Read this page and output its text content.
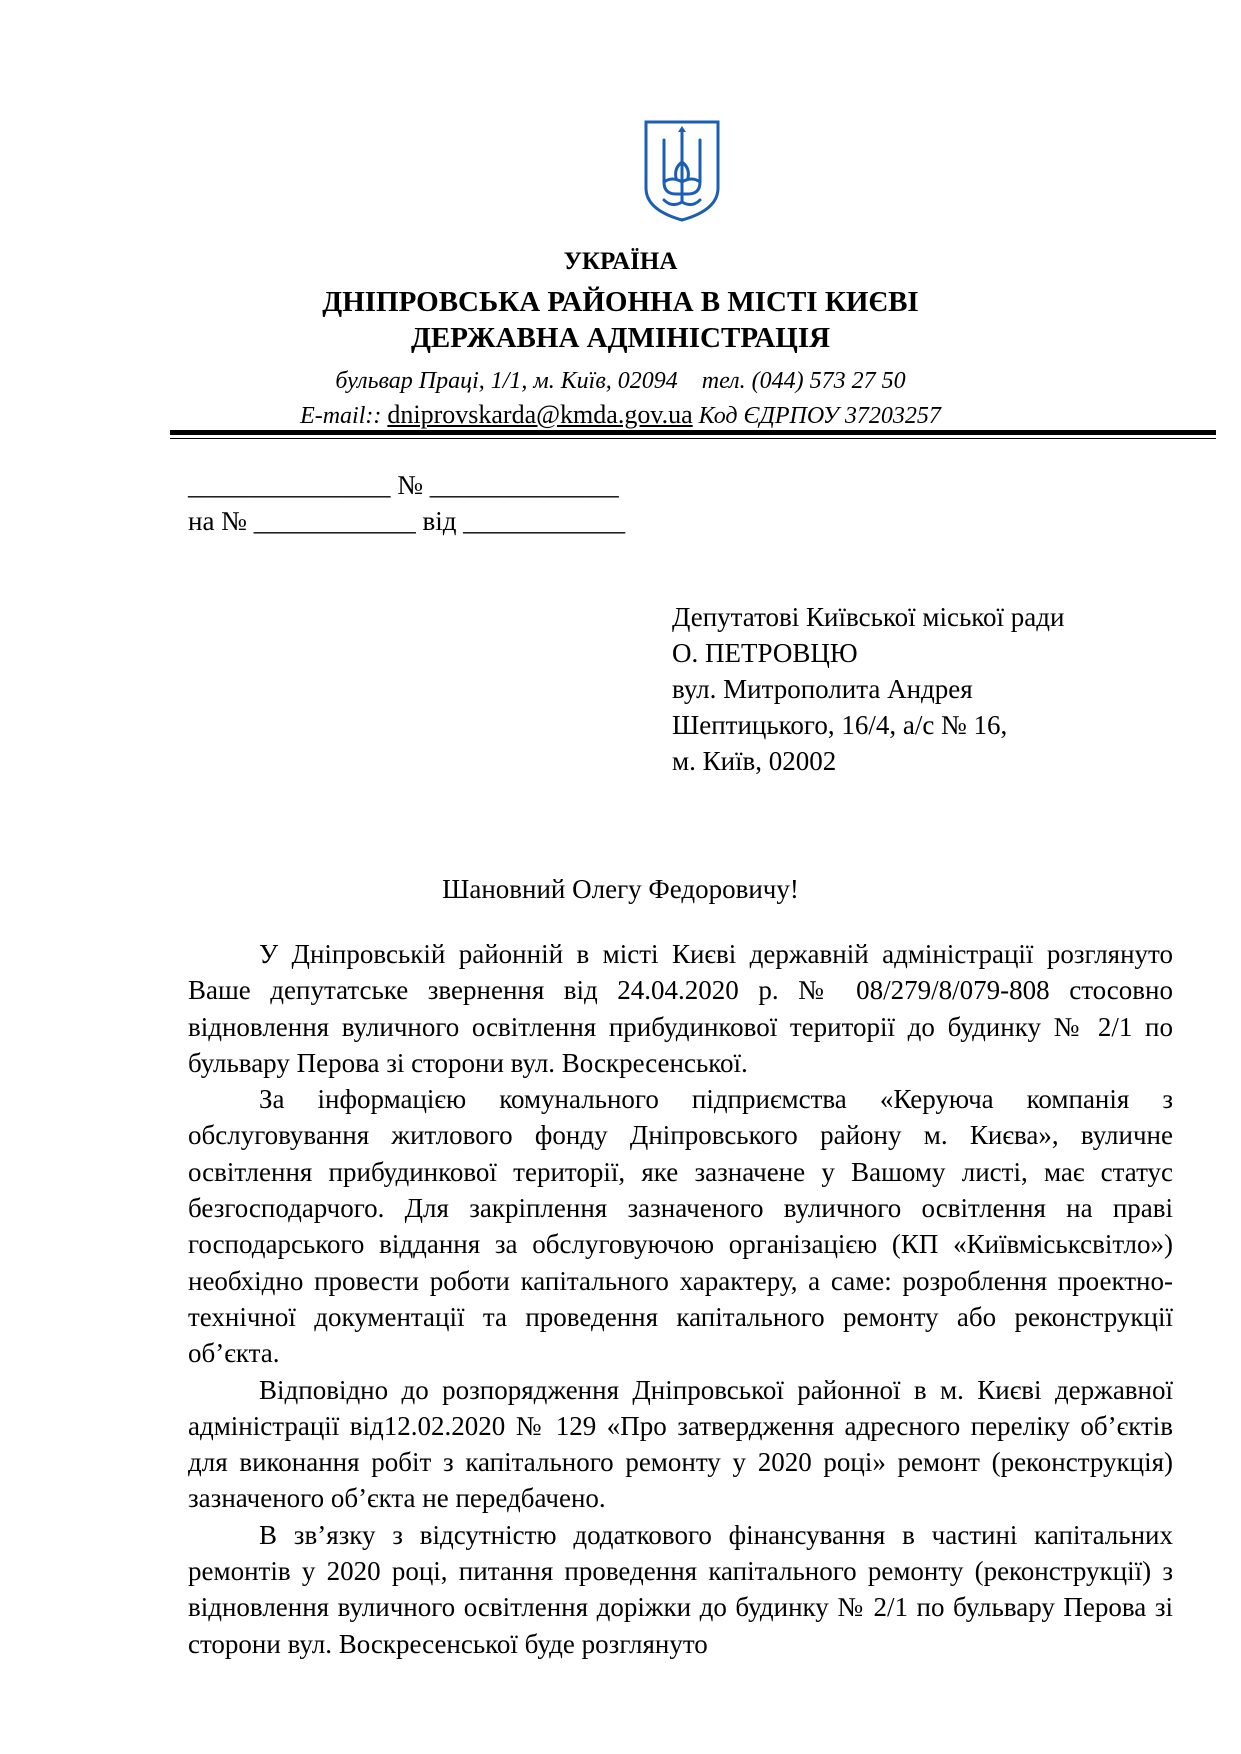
УКРАЇНА
ДНІПРОВСЬКА РАЙОННА В МІСТІ КИЄВІ
ДЕРЖАВНА АДМІНІСТРАЦІЯ
бульвар Праці, 1/1, м. Київ, 02094 тел. (044) 573 27 50
E-mail:: dniprovskarda@kmda.gov.ua Код ЄДРПОУ 37203257
_______________ № ______________
на № ____________ від ____________
Депутатові Київської міської ради
О. ПЕТРОВЦЮ
вул. Митрополита Андрея
Шептицького, 16/4, а/с № 16,
м. Київ, 02002
Шановний Олегу Федоровичу!

У Дніпровській районній в місті Києві державній адміністрації розглянуто Ваше депутатське звернення від 24.04.2020 р. № 08/279/8/079-808 стосовно відновлення вуличного освітлення прибудинкової території до будинку № 2/1 по бульвару Перова зі сторони вул. Воскресенської.

За інформацією комунального підприємства «Керуюча компанія з обслуговування житлового фонду Дніпровського району м. Києва», вуличне освітлення прибудинкової території, яке зазначене у Вашому листі, має статус безгосподарчого. Для закріплення зазначеного вуличного освітлення на праві господарського віддання за обслуговуючою організацією (КП «Київміськсвітло») необхідно провести роботи капітального характеру, а саме: розроблення проектно-технічної документації та проведення капітального ремонту або реконструкції об’єкта.

Відповідно до розпорядження Дніпровської районної в м. Києві державної адміністрації від12.02.2020 № 129 «Про затвердження адресного переліку об’єктів для виконання робіт з капітального ремонту у 2020 році» ремонт (реконструкція) зазначеного об’єкта не передбачено.

В зв’язку з відсутністю додаткового фінансування в частині капітальних ремонтів у 2020 році, питання проведення капітального ремонту (реконструкції) з відновлення вуличного освітлення доріжки до будинку № 2/1 по бульвару Перова зі сторони вул. Воскресенської буде розглянуто
